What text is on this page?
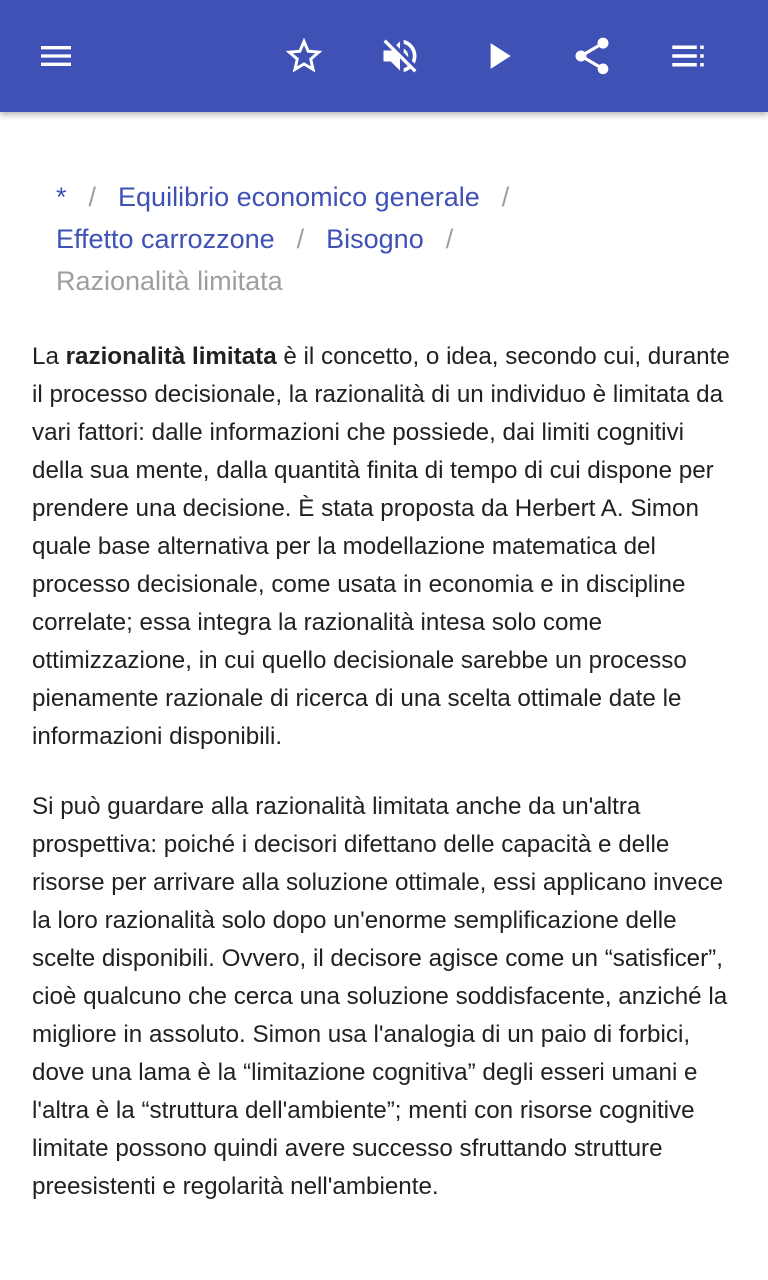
* / Equilibrio economico generale /
Effetto carrozzone / Bisogno /
Razionalità limitata

La razionalità limitata è il concetto, o idea, secondo cui, durante il processo decisionale, la razionalità di un individuo è limitata da vari fattori: dalle informazioni che possiede, dai limiti cognitivi della sua mente, dalla quantità finita di tempo di cui dispone per prendere una decisione. È stata proposta da Herbert A. Simon quale base alternativa per la modellazione matematica del processo decisionale, come usata in economia e in discipline correlate; essa integra la razionalità intesa solo come ottimizzazione, in cui quello decisionale sarebbe un processo pienamente razionale di ricerca di una scelta ottimale date le informazioni disponibili.

Si può guardare alla razionalità limitata anche da un'altra prospettiva: poiché i decisori difettano delle capacità e delle risorse per arrivare alla soluzione ottimale, essi applicano invece la loro razionalità solo dopo un'enorme semplificazione delle scelte disponibili. Ovvero, il decisore agisce come un “satisficer”, cioè qualcuno che cerca una soluzione soddisfacente, anziché la migliore in assoluto. Simon usa l'analogia di un paio di forbici, dove una lama è la “limitazione cognitiva” degli esseri umani e l'altra è la “struttura dell'ambiente”; menti con risorse cognitive limitate possono quindi avere successo sfruttando strutture preesistenti e regolarità nell'ambiente.
